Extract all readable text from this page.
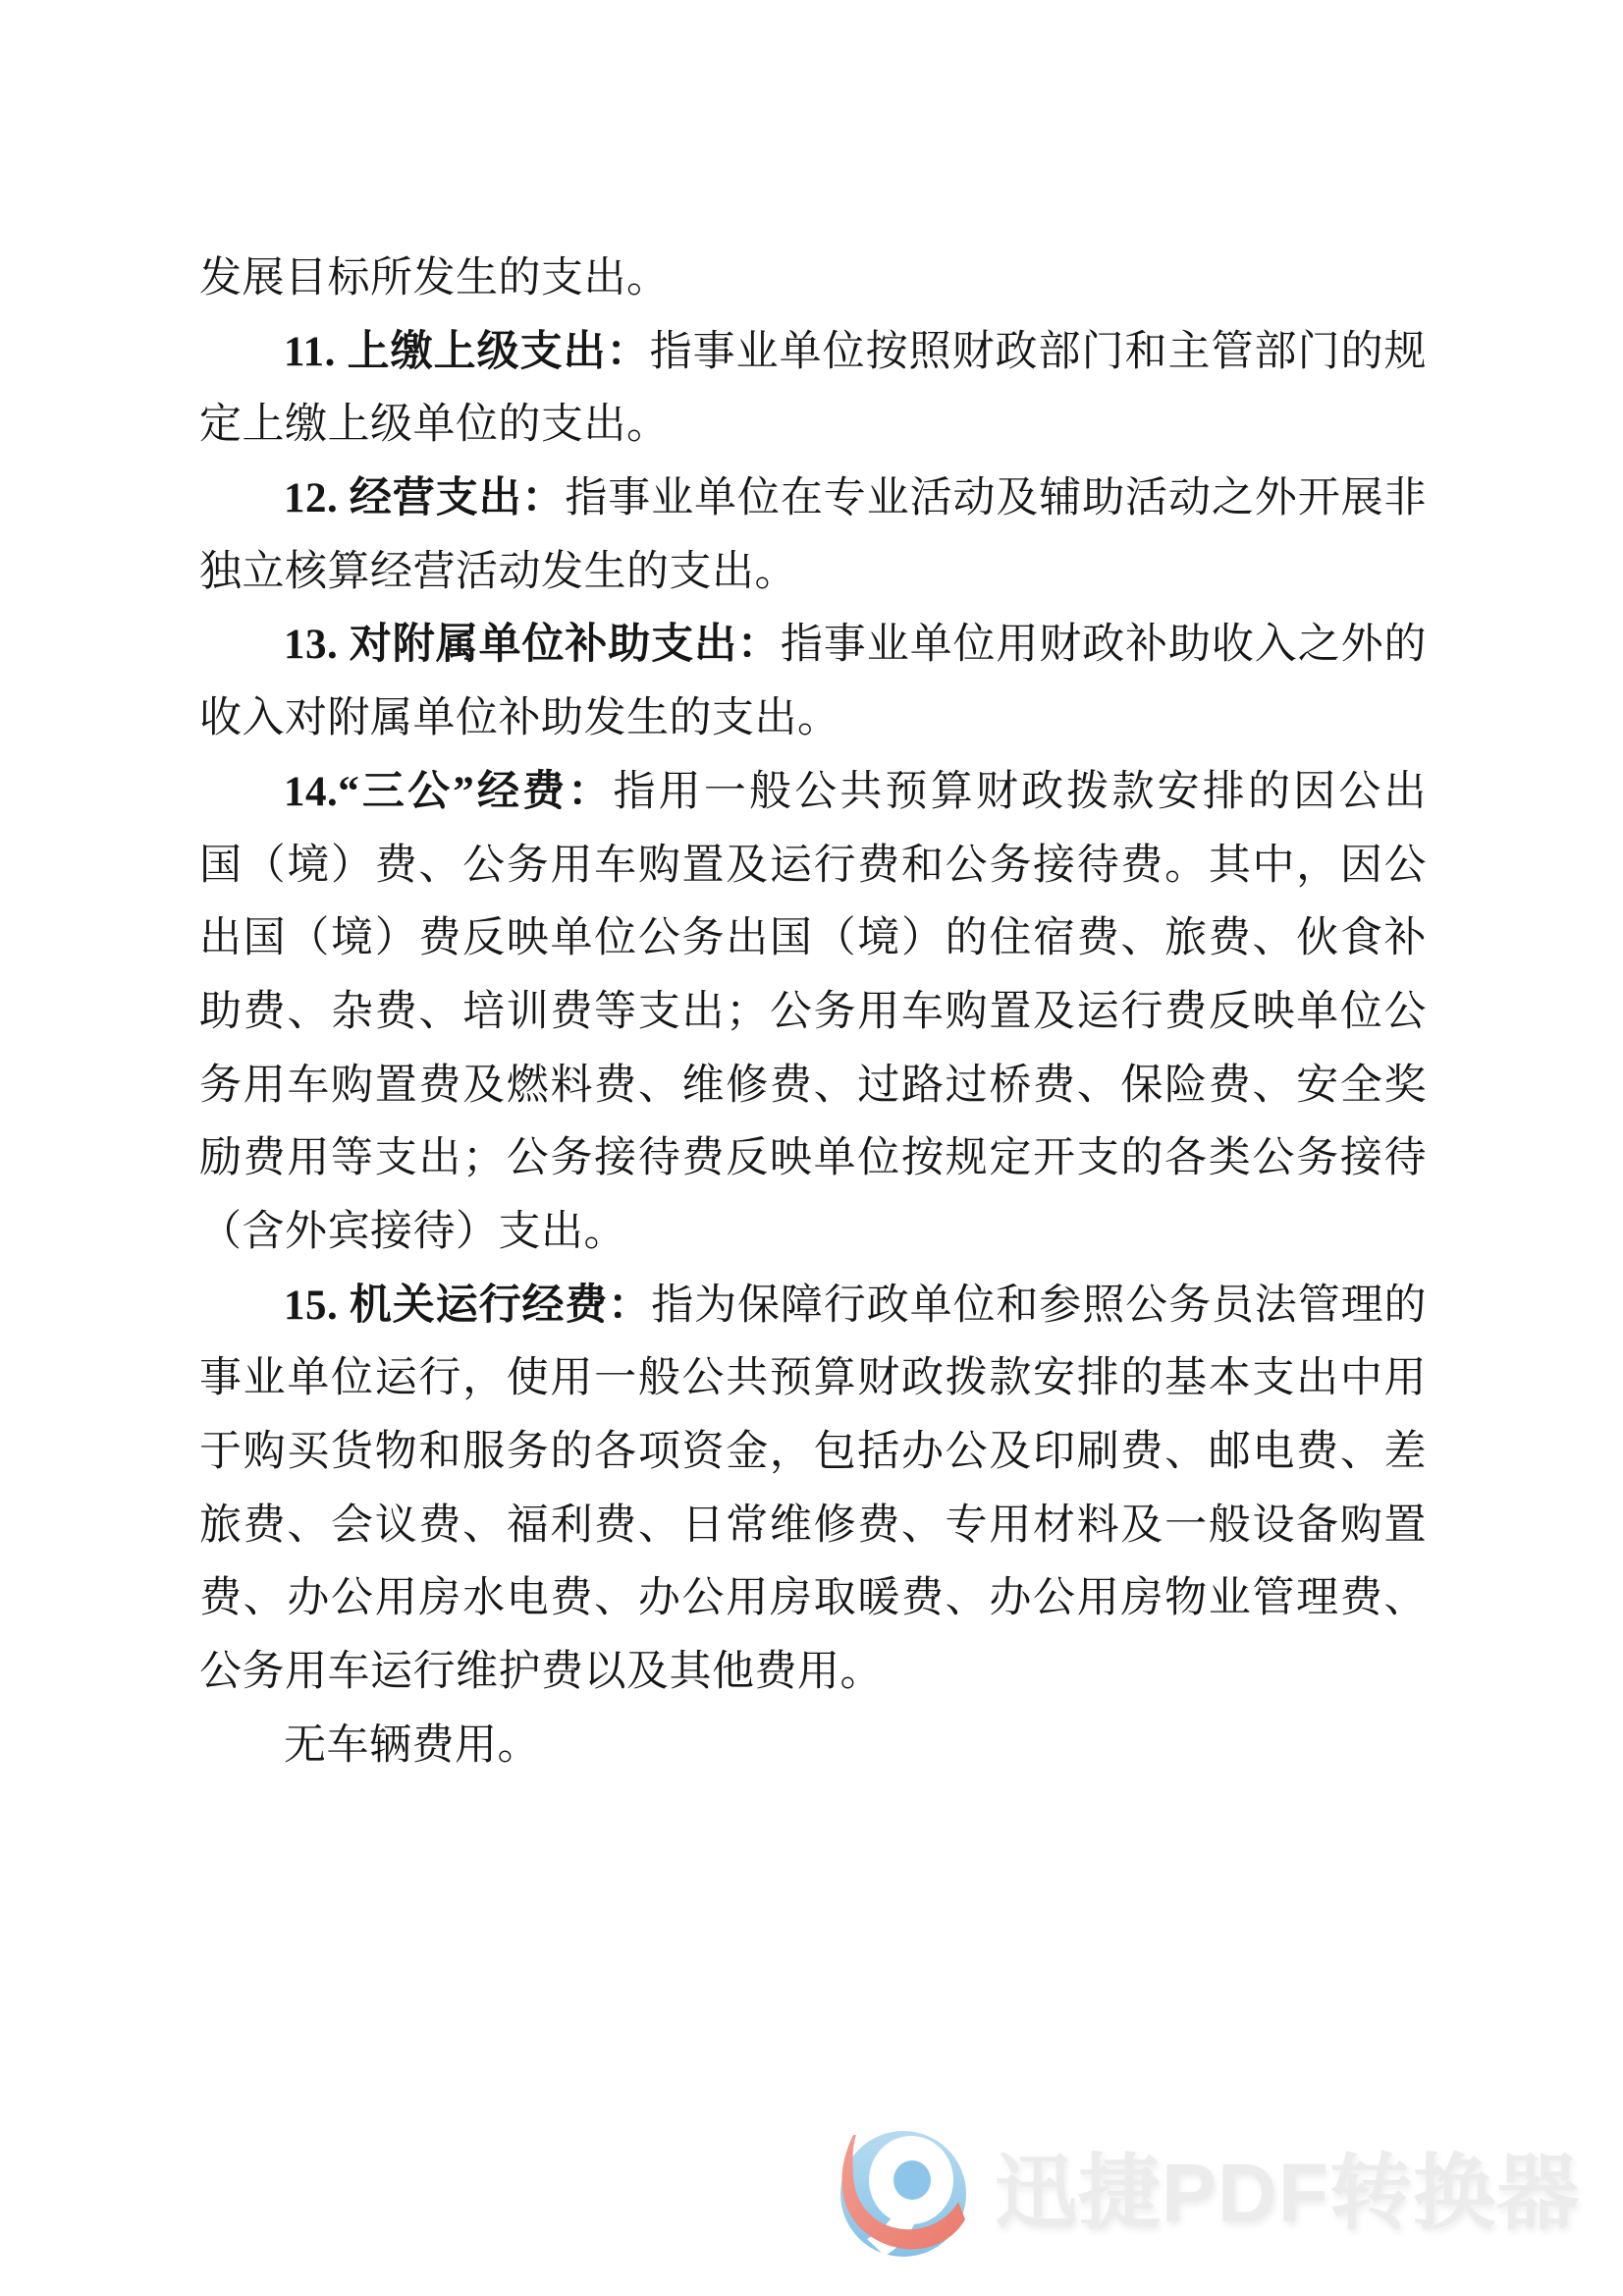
发展目标所发生的支出。
11. 上缴上级支出：指事业单位按照财政部门和主管部门的规
定上缴上级单位的支出。
12. 经营支出：指事业单位在专业活动及辅助活动之外开展非
独立核算经营活动发生的支出。
13. 对附属单位补助支出：指事业单位用财政补助收入之外的
收入对附属单位补助发生的支出。
14.“三公”经费：指用一般公共预算财政拨款安排的因公出
国（境）费、公务用车购置及运行费和公务接待费。其中，因公
出国（境）费反映单位公务出国（境）的住宿费、旅费、伙食补
助费、杂费、培训费等支出；公务用车购置及运行费反映单位公
务用车购置费及燃料费、维修费、过路过桥费、保险费、安全奖
励费用等支出；公务接待费反映单位按规定开支的各类公务接待
（含外宾接待）支出。
15. 机关运行经费：指为保障行政单位和参照公务员法管理的
事业单位运行，使用一般公共预算财政拨款安排的基本支出中用
于购买货物和服务的各项资金，包括办公及印刷费、邮电费、差
旅费、会议费、福利费、日常维修费、专用材料及一般设备购置
费、办公用房水电费、办公用房取暖费、办公用房物业管理费、
公务用车运行维护费以及其他费用。
无车辆费用。
迅捷PDF转换器
